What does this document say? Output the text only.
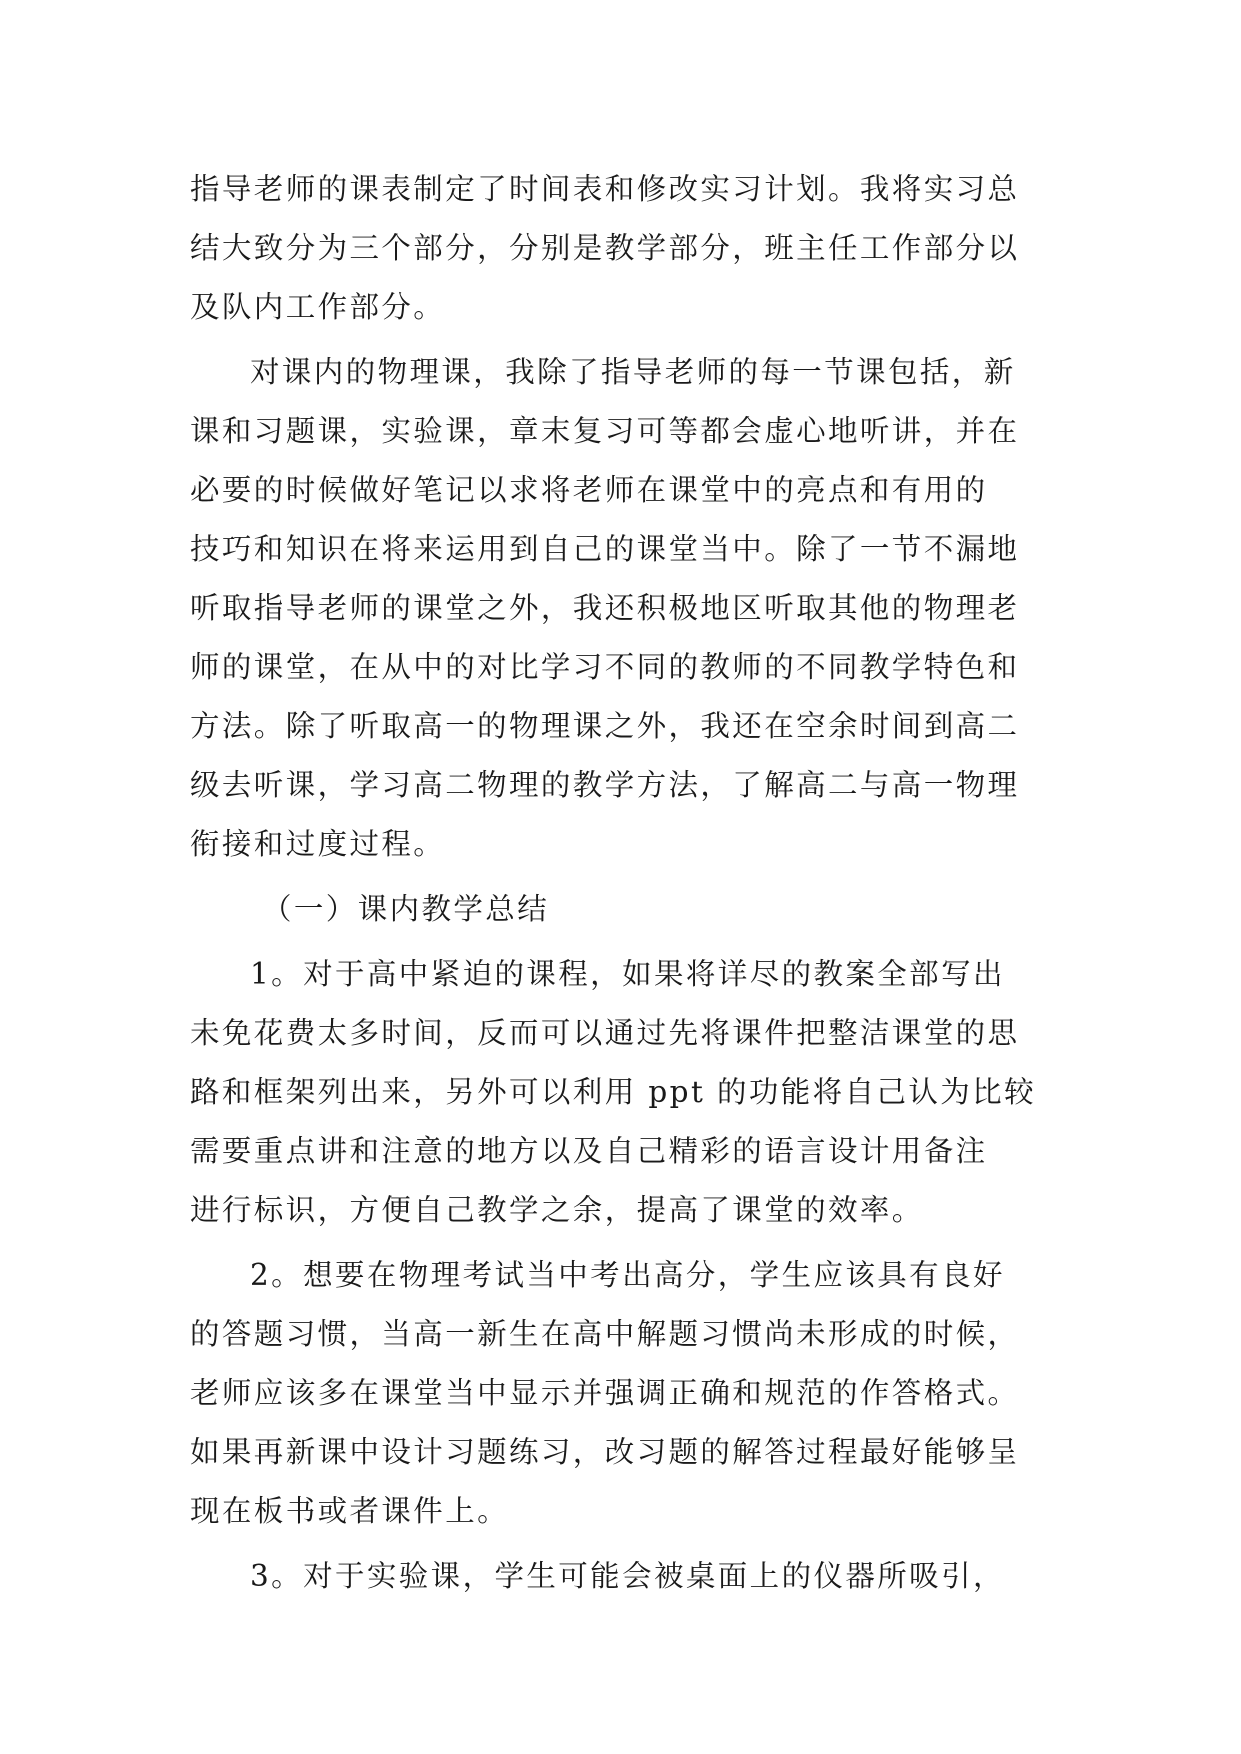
指导老师的课表制定了时间表和修改实习计划。我将实习总
结大致分为三个部分，分别是教学部分，班主任工作部分以
及队内工作部分。
对课内的物理课，我除了指导老师的每一节课包括，新
课和习题课，实验课，章末复习可等都会虚心地听讲，并在
必要的时候做好笔记以求将老师在课堂中的亮点和有用的
技巧和知识在将来运用到自己的课堂当中。除了一节不漏地
听取指导老师的课堂之外，我还积极地区听取其他的物理老
师的课堂，在从中的对比学习不同的教师的不同教学特色和
方法。除了听取高一的物理课之外，我还在空余时间到高二
级去听课，学习高二物理的教学方法，了解高二与高一物理
衔接和过度过程。
（一）课内教学总结
1。对于高中紧迫的课程，如果将详尽的教案全部写出
未免花费太多时间，反而可以通过先将课件把整洁课堂的思
路和框架列出来，另外可以利用 ppt 的功能将自己认为比较
需要重点讲和注意的地方以及自己精彩的语言设计用备注
进行标识，方便自己教学之余，提高了课堂的效率。
2。想要在物理考试当中考出高分，学生应该具有良好
的答题习惯，当高一新生在高中解题习惯尚未形成的时候，
老师应该多在课堂当中显示并强调正确和规范的作答格式。
如果再新课中设计习题练习，改习题的解答过程最好能够呈
现在板书或者课件上。
3。对于实验课，学生可能会被桌面上的仪器所吸引，
